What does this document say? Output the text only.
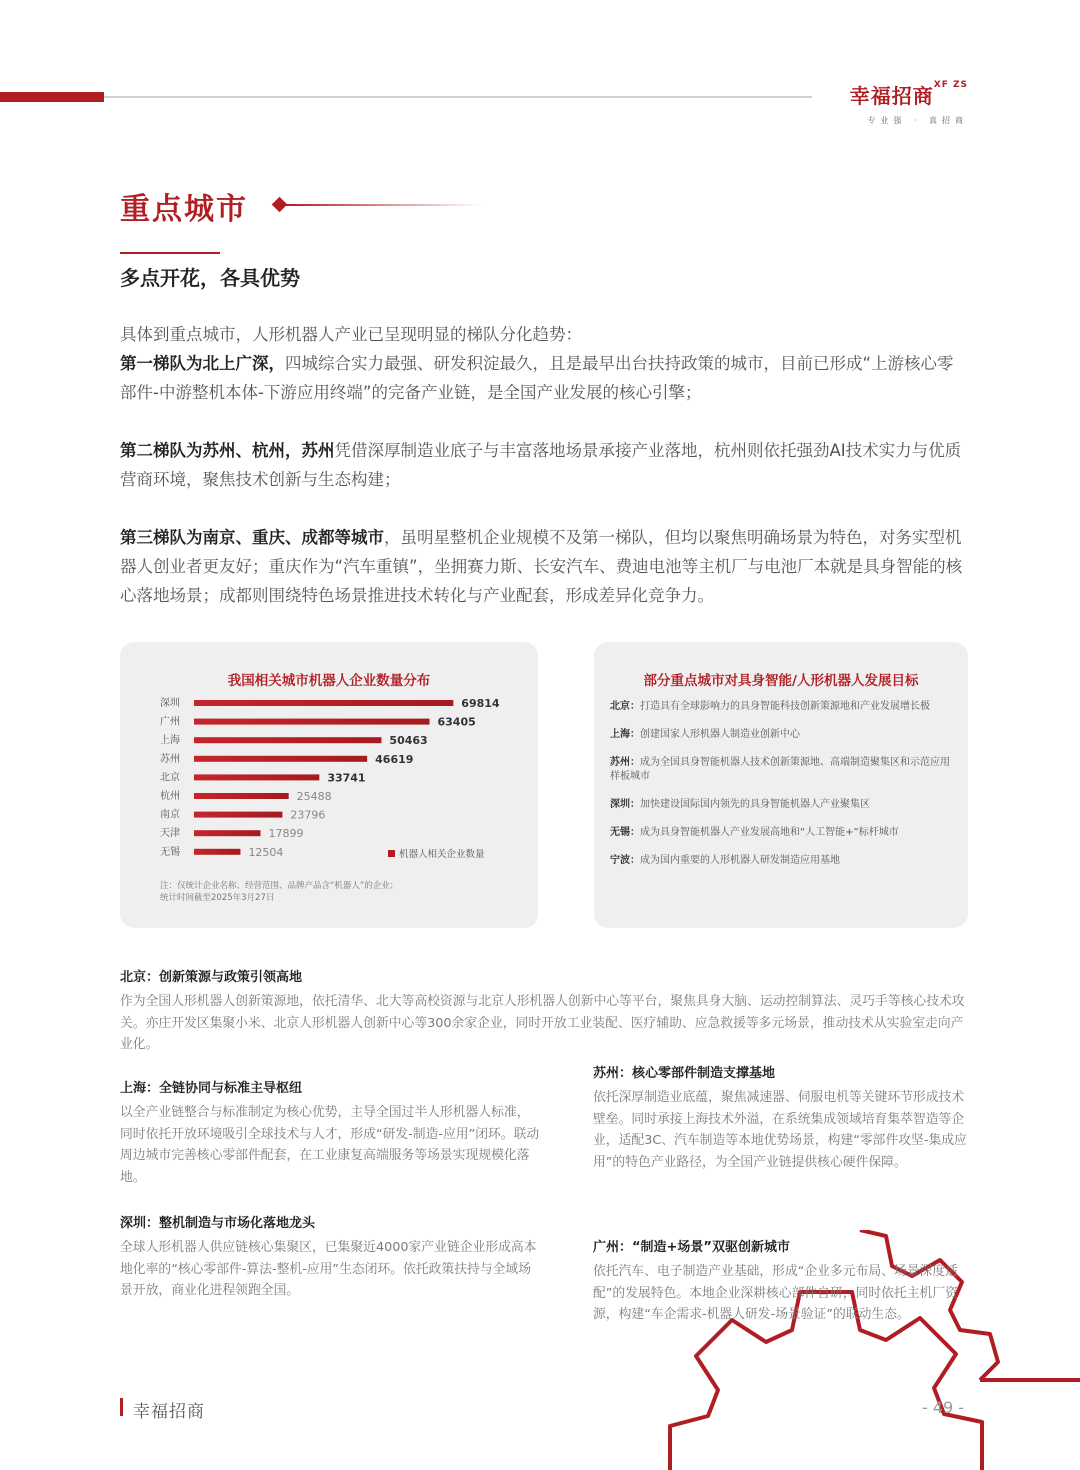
幸福招商$^{XF ZS}$
专业强 · 真招商
重点城市
多点开花，各具优势

具体到重点城市，人形机器人产业已呈现明显的梯队分化趋势：

第一梯队为北上广深，四城综合实力最强、研发积淀最久，且是最早出台扶持政策的城市，目前已形成“上游核心零部件-中游整机本体-下游应用终端”的完备产业链，是全国产业发展的核心引擎；

第二梯队为苏州、杭州，苏州凭借深厚制造业底子与丰富落地场景承接产业落地，杭州则依托强劲AI技术实力与优质营商环境，聚焦技术创新与生态构建；

第三梯队为南京、重庆、成都等城市，虽明星整机企业规模不及第一梯队，但均以聚焦明确场景为特色，对务实型机器人创业者更友好；重庆作为“汽车重镇”，坐拥赛力斯、长安汽车、费迪电池等主机厂与电池厂本就是具身智能的核心落地场景；成都则围绕特色场景推进技术转化与产业配套，形成差异化竞争力。

我国相关城市机器人企业数量分布
深圳	69814
广州	63405
上海	50463
苏州	46619
北京	33741
杭州	25488
南京	23796
天津	17899
无锡	12504	机器人相关企业数量
注：仅统计企业名称、经营范围、品牌产品含“机器人”的企业；
统计时间截至2025年3月27日
部分重点城市对具身智能/人形机器人发展目标
北京：打造具有全球影响力的具身智能科技创新策源地和产业发展增长极
上海：创建国家人形机器人制造业创新中心
苏州：成为全国具身智能机器人技术创新策源地、高端制造聚集区和示范应用样板城市
深圳：加快建设国际国内领先的具身智能机器人产业聚集区
无锡：成为具身智能机器人产业发展高地和“人工智能+”标杆城市
宁波：成为国内重要的人形机器人研发制造应用基地
北京：创新策源与政策引领高地
作为全国人形机器人创新策源地，依托清华、北大等高校资源与北京人形机器人创新中心等平台，聚焦具身大脑、运动控制算法、灵巧手等核心技术攻关。亦庄开发区集聚小米、北京人形机器人创新中心等300余家企业，同时开放工业装配、医疗辅助、应急救援等多元场景，推动技术从实验室走向产业化。
上海：全链协同与标准主导枢纽
以全产业链整合与标准制定为核心优势，主导全国过半人形机器人标准，同时依托开放环境吸引全球技术与人才，形成“研发-制造-应用”闭环。联动周边城市完善核心零部件配套，在工业康复高端服务等场景实现规模化落地。
深圳：整机制造与市场化落地龙头
全球人形机器人供应链核心集聚区，已集聚近4000家产业链企业形成高本地化率的“核心零部件-算法-整机-应用”生态闭环。依托政策扶持与全域场景开放，商业化进程领跑全国。
苏州：核心零部件制造支撑基地
依托深厚制造业底蕴，聚焦减速器、伺服电机等关键环节形成技术壁垒。同时承接上海技术外溢，在系统集成领域培育集萃智造等企业，适配3C、汽车制造等本地优势场景，构建“零部件攻坚-集成应用”的特色产业路径，为全国产业链提供核心硬件保障。
广州：“制造+场景”双驱创新城市
依托汽车、电子制造产业基础，形成“企业多元布局、场景深度适配”的发展特色。本地企业深耕核心部件自研，同时依托主机厂资源，构建“车企需求-机器人研发-场景验证”的联动生态。
幸福招商	- 49 -
